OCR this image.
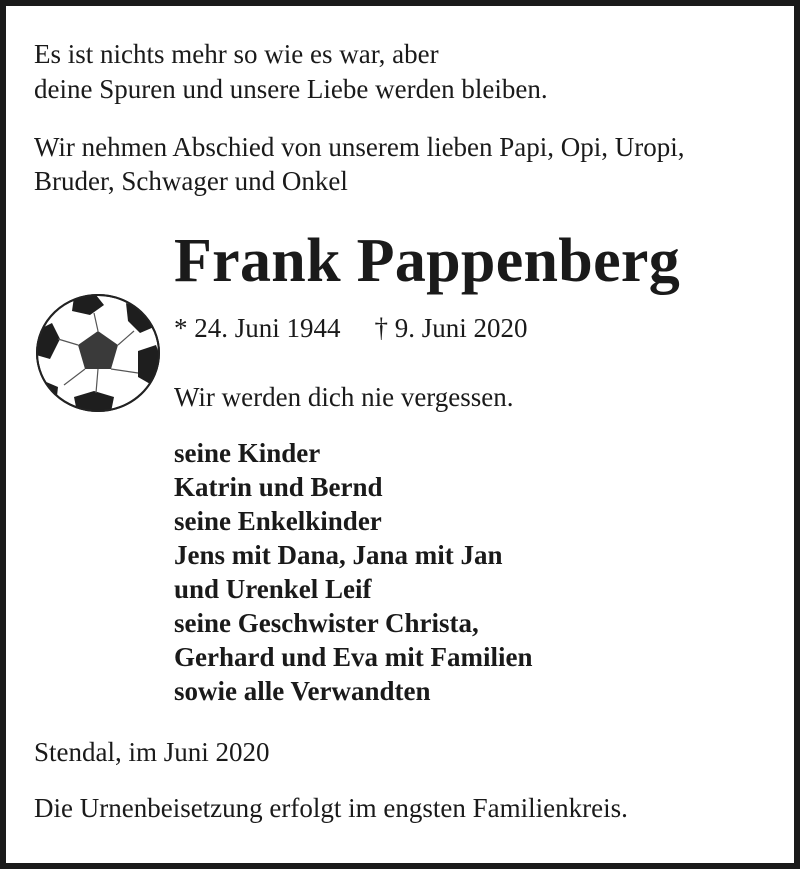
Es ist nichts mehr so wie es war, aber
deine Spuren und unsere Liebe werden bleiben.
Wir nehmen Abschied von unserem lieben Papi, Opi, Uropi,
Bruder, Schwager und Onkel
Frank Pappenberg
* 24. Juni 1944 † 9. Juni 2020
Wir werden dich nie vergessen.
seine Kinder
Katrin und Bernd
seine Enkelkinder
Jens mit Dana, Jana mit Jan
und Urenkel Leif
seine Geschwister Christa,
Gerhard und Eva mit Familien
sowie alle Verwandten
Stendal, im Juni 2020
Die Urnenbeisetzung erfolgt im engsten Familienkreis.
